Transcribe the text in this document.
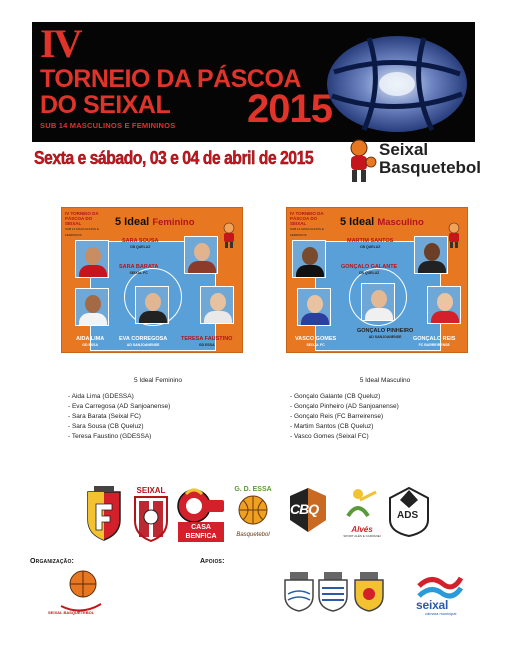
IV
TORNEIO DA PÁSCOA
DO SEIXAL 2015
SUB 14 MASCULINOS E FEMININOS
Sexta e sábado, 03 e 04 de abril de 2015	Seixal
Basquetebol
IV TORNEIO DA PÁSCOA DO SEIXAL
SUB 14 MASCULINOS E FEMININOS
5 Ideal Feminino
SARA SOUSA
CB QUELUZ
SARA BARATA
SEIXAL FC
AIDA LIMA
GD ESSA
EVA CORREGOSA
AD SANJOANENSE
TERESA FAUSTINO
GD ESSA
IV TORNEIO DA PÁSCOA DO SEIXAL
SUB 14 MASCULINOS E FEMININOS
5 Ideal Masculino
MARTIM SANTOS
CB QUELUZ
GONÇALO GALANTE
CB QUELUZ
VASCO GOMES
SEIXAL FC
GONÇALO PINHEIRO
AD SANJOANENSE	GONÇALO REIS
FC BARREIRENSE
5 Ideal Feminino
- Aida Lima (GDESSA)
- Eva Carregosa (AD Sanjoanense)
- Sara Barata (Seixal FC)
- Sara Sousa (CB Queluz)
- Teresa Faustino (GDESSA)
5 Ideal Masculino
- Gonçalo Galante (CB Queluz)
- Gonçalo Pinheiro (AD Sanjoanense)
- Gonçalo Reis (FC Barreirense)
- Martim Santos (CB Queluz)
- Vasco Gomes (Seixal FC)
SEIXAL
CASA BENFICA
G. D. ESSA
Basquetebol
CBQ
Alvés
SPORT ALÉS E CARVANEI
ADS
Organização:	Apoios:
SEIXAL BASQUETEBOL
seixal
câmara municipal
